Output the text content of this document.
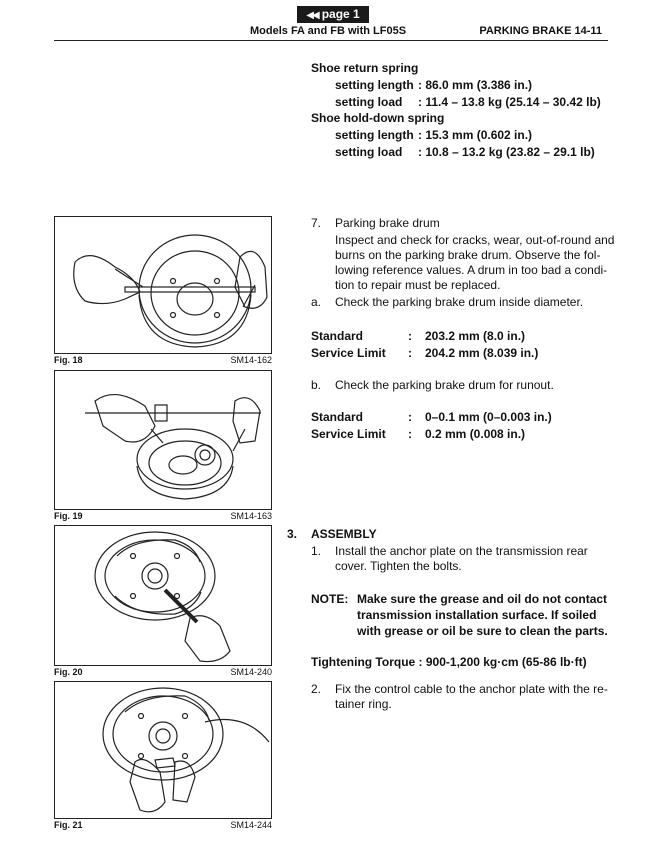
◀◀ page 1
Models FA and FB with LF05S	PARKING BRAKE 14-11
Shoe return spring
setting length : 86.0 mm (3.386 in.)
setting load : 11.4 – 13.8 kg (25.14 – 30.42 lb)
Shoe hold-down spring
setting length : 15.3 mm (0.602 in.)
setting load : 10.8 – 13.2 kg (23.82 – 29.1 lb)
7. Parking brake drum
Inspect and check for cracks, wear, out-of-round and
burns on the parking brake drum. Observe the fol-
lowing reference values. A drum in too bad a condi-
tion to repair must be replaced.
a. Check the parking brake drum inside diameter.
Standard	: 203.2 mm (8.0 in.)
Service Limit : 204.2 mm (8.039 in.)
b. Check the parking brake drum for runout.
Standard	: 0–0.1 mm (0–0.003 in.)
Service Limit : 0.2 mm (0.008 in.)
3. ASSEMBLY
1. Install the anchor plate on the transmission rear
cover. Tighten the bolts.
NOTE: Make sure the grease and oil do not contact
transmission installation surface. If soiled
with grease or oil be sure to clean the parts.
Tightening Torque : 900-1,200 kg·cm (65-86 lb·ft)
2. Fix the control cable to the anchor plate with the re-
tainer ring.
Fig. 18	SM14-162
Fig. 19	SM14-163
Fig. 20	SM14-240
Fig. 21	SM14-244
